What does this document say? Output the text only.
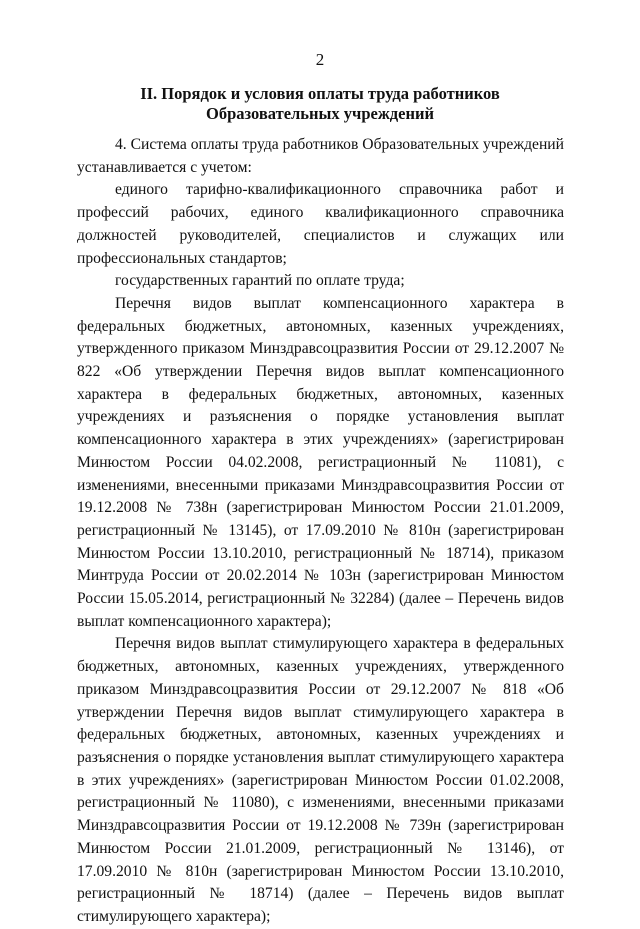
2
II. Порядок и условия оплаты труда работников
Образовательных учреждений

4. Система оплаты труда работников Образовательных учреждений устанавливается с учетом:

единого тарифно-квалификационного справочника работ и профессий рабочих, единого квалификационного справочника должностей руководителей, специалистов и служащих или профессиональных стандартов;

государственных гарантий по оплате труда;

Перечня видов выплат компенсационного характера в федеральных бюджетных, автономных, казенных учреждениях, утвержденного приказом Минздравсоцразвития России от 29.12.2007 № 822 «Об утверждении Перечня видов выплат компенсационного характера в федеральных бюджетных, автономных, казенных учреждениях и разъяснения о порядке установления выплат компенсационного характера в этих учреждениях» (зарегистрирован Минюстом России 04.02.2008, регистрационный № 11081), с изменениями, внесенными приказами Минздравсоцразвития России от 19.12.2008 № 738н (зарегистрирован Минюстом России 21.01.2009, регистрационный № 13145), от 17.09.2010 № 810н (зарегистрирован Минюстом России 13.10.2010, регистрационный № 18714), приказом Минтруда России от 20.02.2014 № 103н (зарегистрирован Минюстом России 15.05.2014, регистрационный № 32284) (далее – Перечень видов выплат компенсационного характера);

Перечня видов выплат стимулирующего характера в федеральных бюджетных, автономных, казенных учреждениях, утвержденного приказом Минздравсоцразвития России от 29.12.2007 № 818 «Об утверждении Перечня видов выплат стимулирующего характера в федеральных бюджетных, автономных, казенных учреждениях и разъяснения о порядке установления выплат стимулирующего характера в этих учреждениях» (зарегистрирован Минюстом России 01.02.2008, регистрационный № 11080), с изменениями, внесенными приказами Минздравсоцразвития России от 19.12.2008 № 739н (зарегистрирован Минюстом России 21.01.2009, регистрационный № 13146), от 17.09.2010 № 810н (зарегистрирован Минюстом России 13.10.2010, регистрационный № 18714) (далее – Перечень видов выплат стимулирующего характера);
